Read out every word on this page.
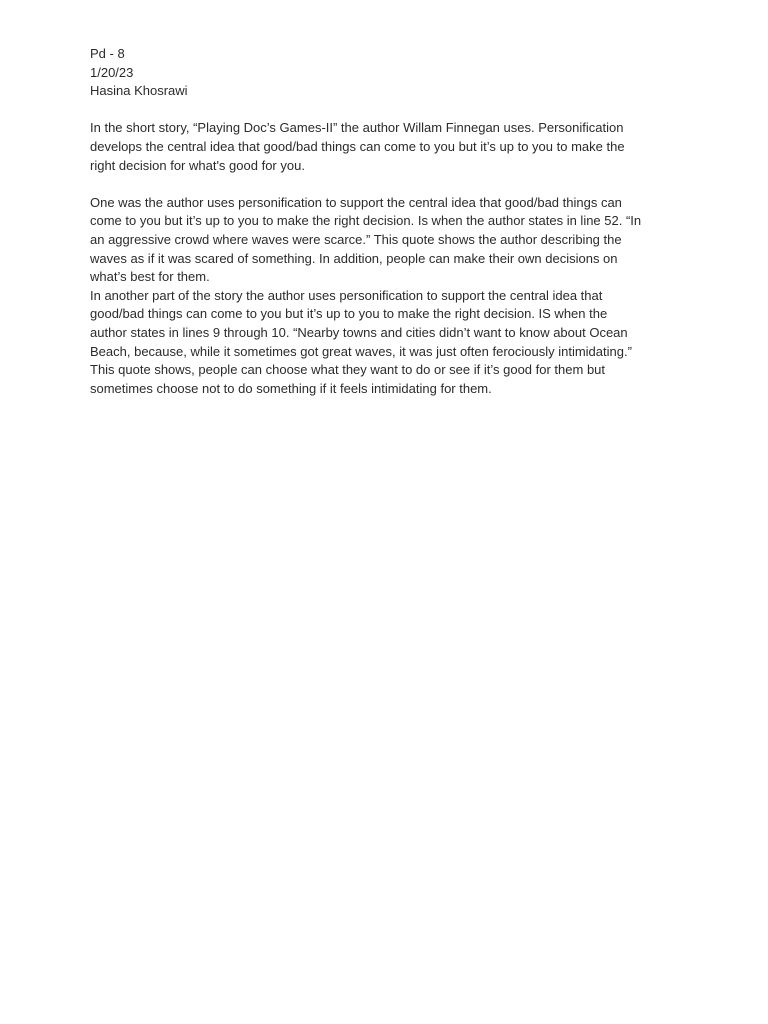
Pd - 8

1/20/23

Hasina Khosrawi

In the short story, “Playing Doc’s Games-II” the author Willam Finnegan uses. Personification
develops the central idea that good/bad things can come to you but it’s up to you to make the
right decision for what's good for you.

One was the author uses personification to support the central idea that good/bad things can
come to you but it’s up to you to make the right decision. Is when the author states in line 52. “In
an aggressive crowd where waves were scarce.” This quote shows the author describing the
waves as if it was scared of something. In addition, people can make their own decisions on
what’s best for them.

In another part of the story the author uses personification to support the central idea that
good/bad things can come to you but it’s up to you to make the right decision. IS when the
author states in lines 9 through 10. “Nearby towns and cities didn’t want to know about Ocean
Beach, because, while it sometimes got great waves, it was just often ferociously intimidating.”
This quote shows, people can choose what they want to do or see if it’s good for them but
sometimes choose not to do something if it feels intimidating for them.
